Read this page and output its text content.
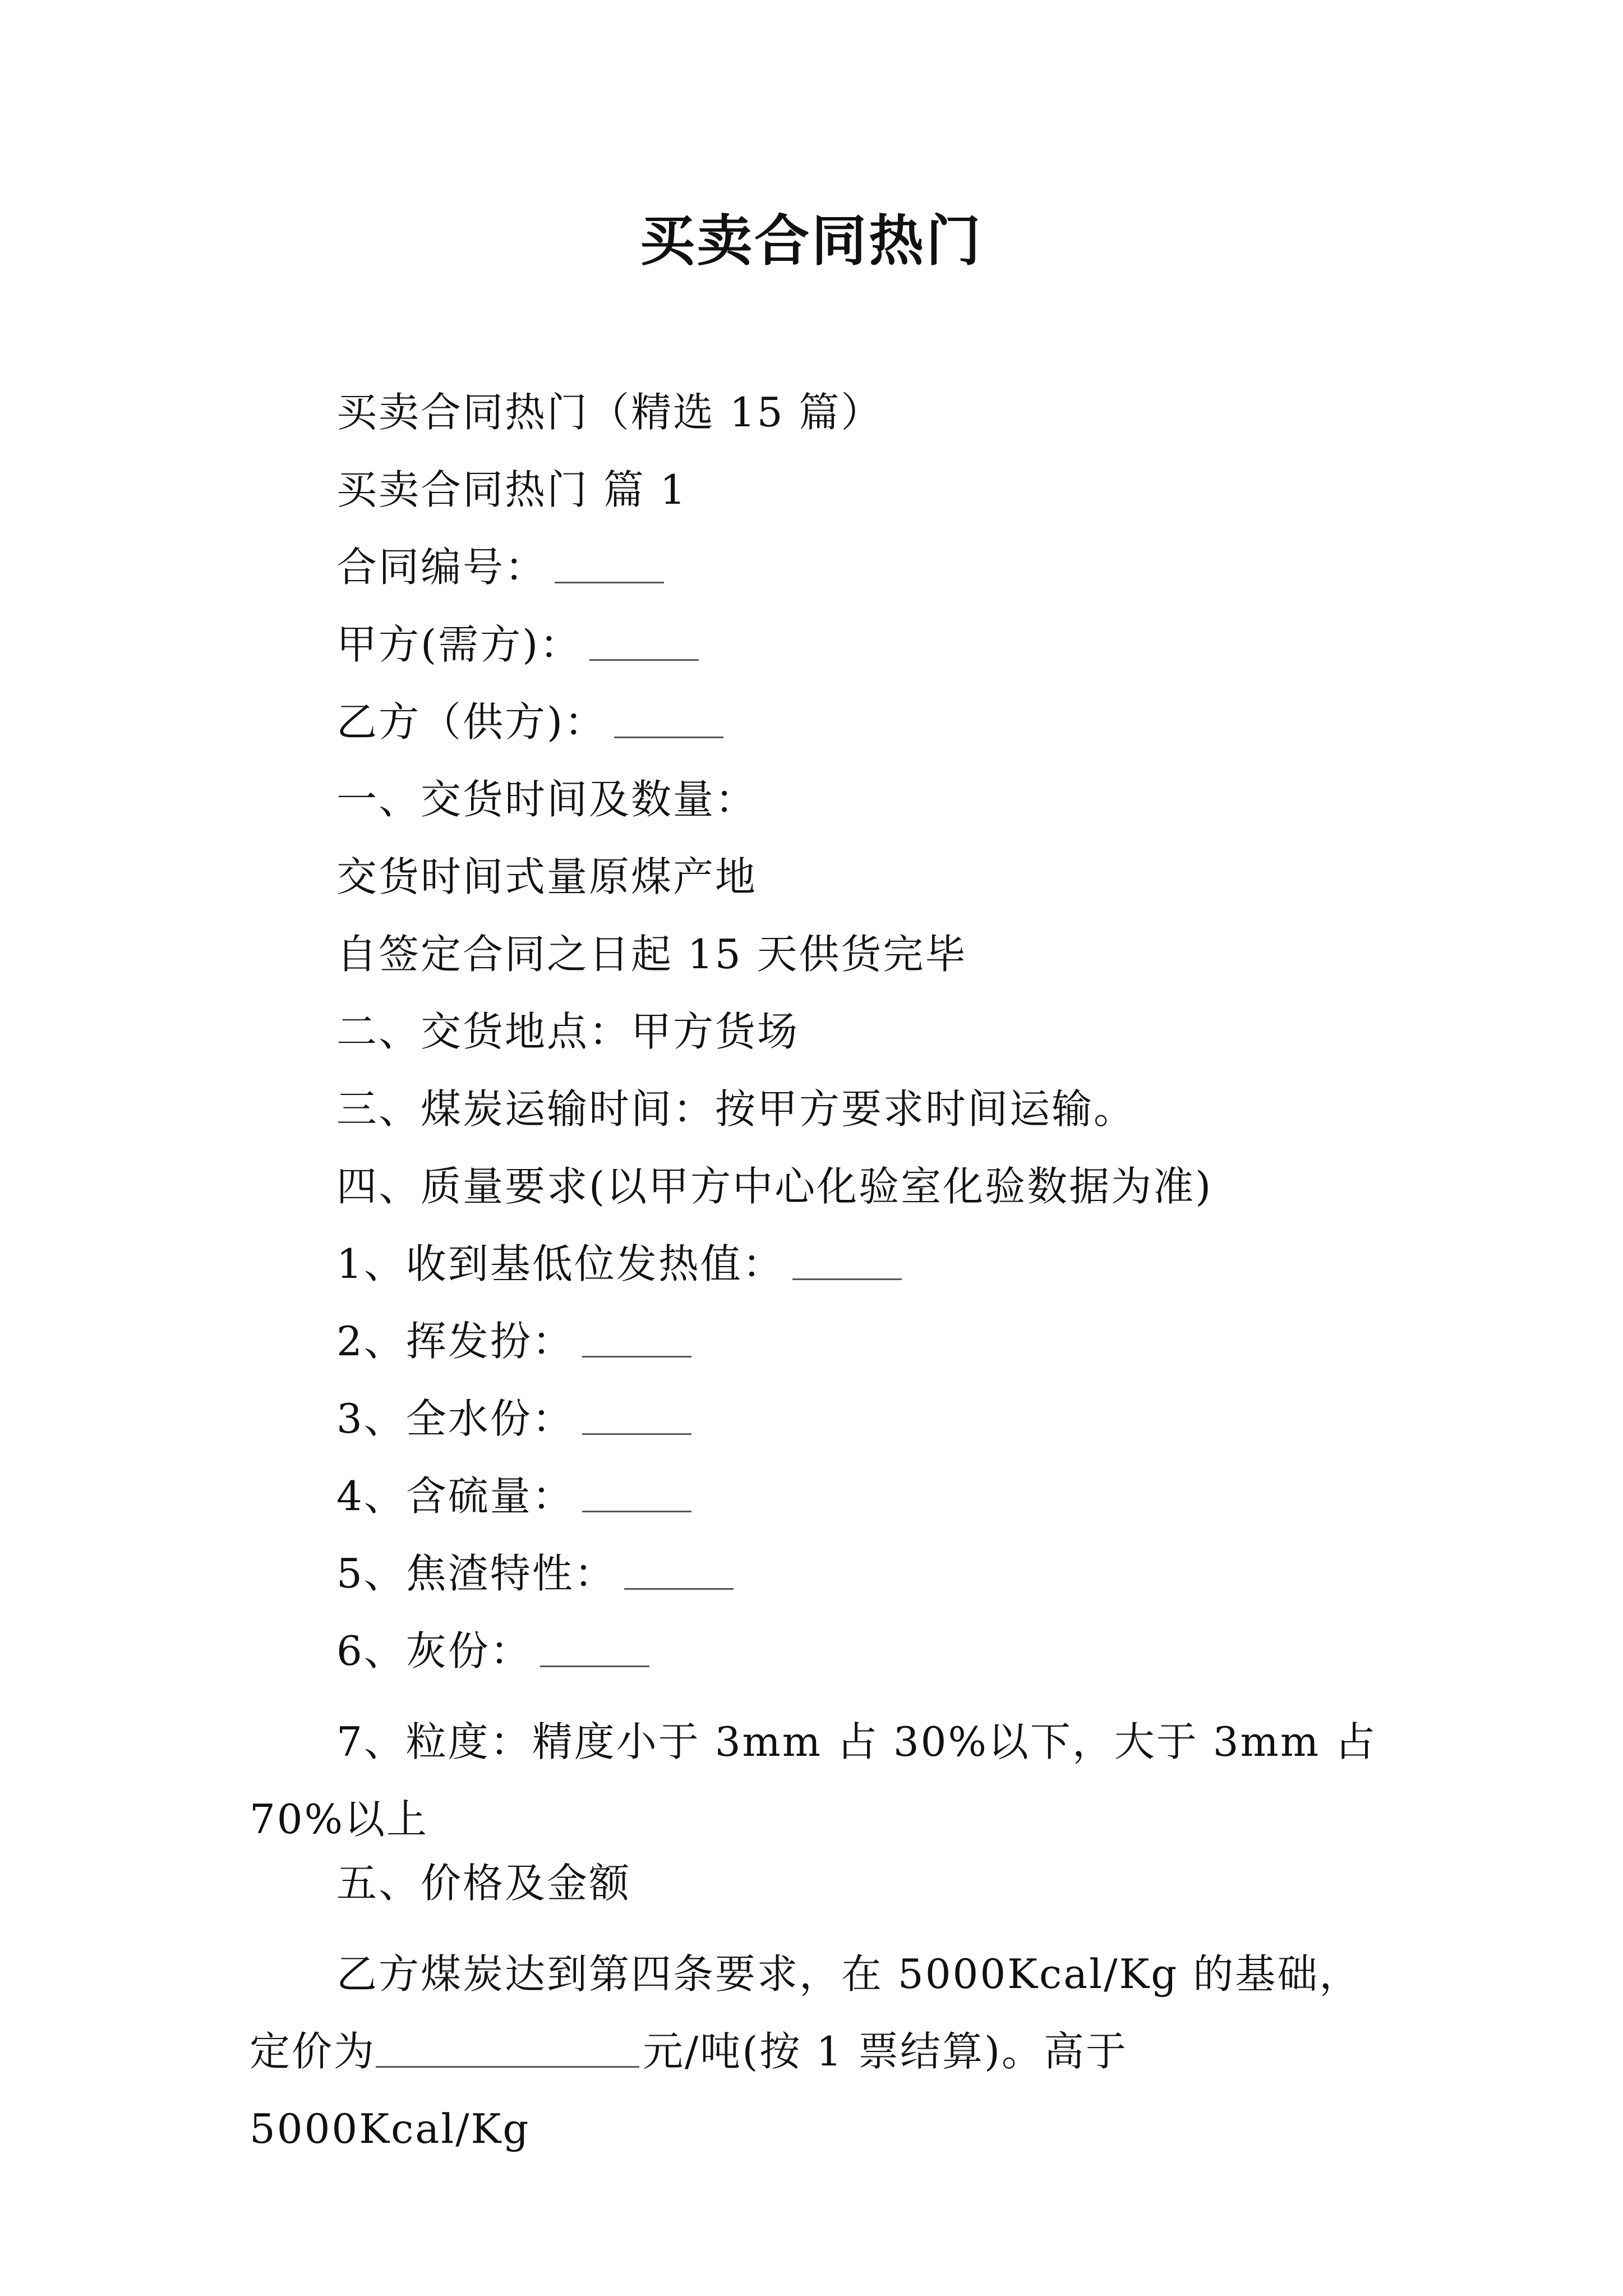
买卖合同热门
买卖合同热门（精选 15 篇）
买卖合同热门 篇 1
合同编号：
甲方(需方)：
乙方（供方)：
一、交货时间及数量：
交货时间式量原煤产地
自签定合同之日起 15 天供货完毕
二、交货地点：甲方货场
三、煤炭运输时间：按甲方要求时间运输。
四、质量要求(以甲方中心化验室化验数据为准)
1、收到基低位发热值：
2、挥发扮：
3、全水份：
4、含硫量：
5、焦渣特性：
6、灰份：
7、粒度：精度小于 3mm 占 30%以下，大于 3mm 占 70%以上
五、价格及金额
乙方煤炭达到第四条要求，在 5000Kcal/Kg 的基础，定价为	元/吨(按 1 票结算)。高于 5000Kcal/Kg
